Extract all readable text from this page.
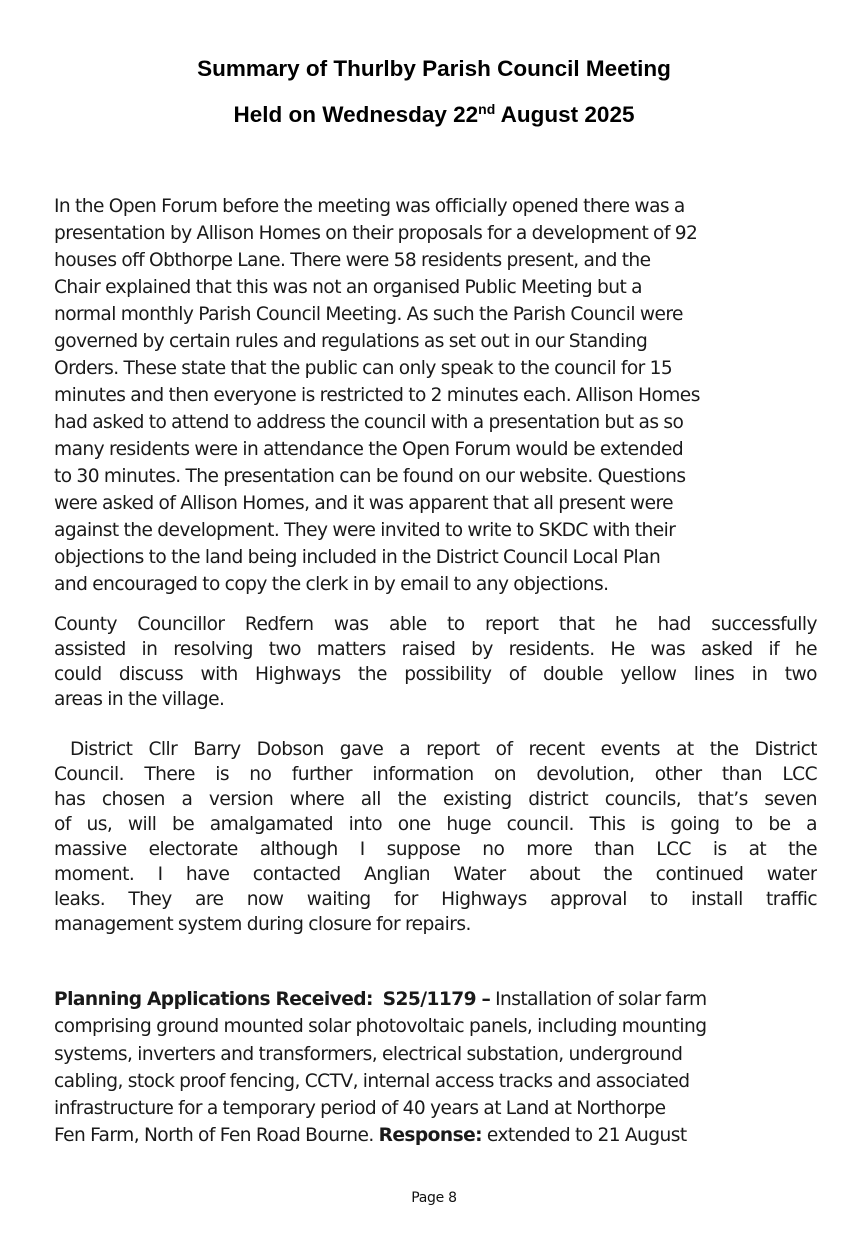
Summary of Thurlby Parish Council Meeting
Held on Wednesday 22nd August 2025
In the Open Forum before the meeting was officially opened there was a
presentation by Allison Homes on their proposals for a development of 92
houses off Obthorpe Lane. There were 58 residents present, and the
Chair explained that this was not an organised Public Meeting but a
normal monthly Parish Council Meeting. As such the Parish Council were
governed by certain rules and regulations as set out in our Standing
Orders. These state that the public can only speak to the council for 15
minutes and then everyone is restricted to 2 minutes each. Allison Homes
had asked to attend to address the council with a presentation but as so
many residents were in attendance the Open Forum would be extended
to 30 minutes. The presentation can be found on our website. Questions
were asked of Allison Homes, and it was apparent that all present were
against the development. They were invited to write to SKDC with their
objections to the land being included in the District Council Local Plan
and encouraged to copy the clerk in by email to any objections.
County Councillor Redfern was able to report that he had successfully
assisted in resolving two matters raised by residents. He was asked if he
could discuss with Highways the possibility of double yellow lines in two
areas in the village.
District Cllr Barry Dobson gave a report of recent events at the District
Council. There is no further information on devolution, other than LCC
has chosen a version where all the existing district councils, that’s seven
of us, will be amalgamated into one huge council. This is going to be a
massive electorate although I suppose no more than LCC is at the
moment. I have contacted Anglian Water about the continued water
leaks. They are now waiting for Highways approval to install traffic
management system during closure for repairs.
Planning Applications Received: S25/1179 – Installation of solar farm
comprising ground mounted solar photovoltaic panels, including mounting
systems, inverters and transformers, electrical substation, underground
cabling, stock proof fencing, CCTV, internal access tracks and associated
infrastructure for a temporary period of 40 years at Land at Northorpe
Fen Farm, North of Fen Road Bourne. Response: extended to 21 August
Page 8
